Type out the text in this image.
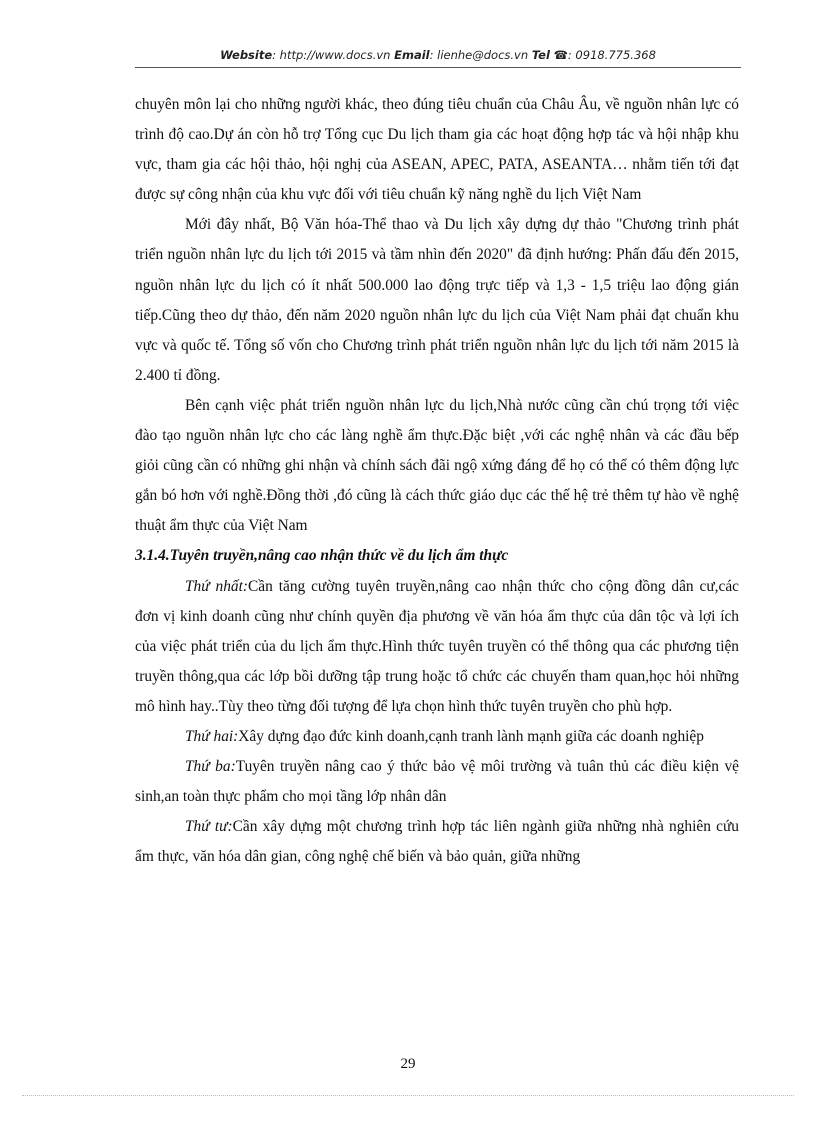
Website: http://www.docs.vn Email: lienhe@docs.vn Tel ☎: 0918.775.368

chuyên môn lại cho những người khác, theo đúng tiêu chuẩn của Châu Âu, về nguồn nhân lực có trình độ cao.Dự án còn hỗ trợ Tổng cục Du lịch tham gia các hoạt động hợp tác và hội nhập khu vực, tham gia các hội thảo, hội nghị của ASEAN, APEC, PATA, ASEANTA… nhằm tiến tới đạt được sự công nhận của khu vực đối với tiêu chuẩn kỹ năng nghề du lịch Việt Nam

Mới đây nhất, Bộ Văn hóa-Thể thao và Du lịch xây dựng dự thảo "Chương trình phát triển nguồn nhân lực du lịch tới 2015 và tầm nhìn đến 2020" đã định hướng: Phấn đấu đến 2015, nguồn nhân lực du lịch có ít nhất 500.000 lao động trực tiếp và 1,3 - 1,5 triệu lao động gián tiếp.Cũng theo dự thảo, đến năm 2020 nguồn nhân lực du lịch của Việt Nam phải đạt chuẩn khu vực và quốc tế. Tổng số vốn cho Chương trình phát triển nguồn nhân lực du lịch tới năm 2015 là 2.400 tỉ đồng.

Bên cạnh việc phát triển nguồn nhân lực du lịch,Nhà nước cũng cần chú trọng tới việc đào tạo nguồn nhân lực cho các làng nghề ẩm thực.Đặc biệt ,với các nghệ nhân và các đầu bếp giỏi cũng cần có những ghi nhận và chính sách đãi ngộ xứng đáng để họ có thể có thêm động lực gắn bó hơn với nghề.Đồng thời ,đó cũng là cách thức giáo dục các thế hệ trẻ thêm tự hào về nghệ thuật ẩm thực của Việt Nam

3.1.4.Tuyên truyền,nâng cao nhận thức về du lịch ẩm thực

Thứ nhất:Cần tăng cường tuyên truyền,nâng cao nhận thức cho cộng đồng dân cư,các đơn vị kinh doanh cũng như chính quyền địa phương về văn hóa ẩm thực của dân tộc và lợi ích của việc phát triển của du lịch ẩm thực.Hình thức tuyên truyền có thể thông qua các phương tiện truyền thông,qua các lớp bồi dưỡng tập trung hoặc tổ chức các chuyến tham quan,học hỏi những mô hình hay..Tùy theo từng đối tượng để lựa chọn hình thức tuyên truyền cho phù hợp.

Thứ hai:Xây dựng đạo đức kinh doanh,cạnh tranh lành mạnh giữa các doanh nghiệp

Thứ ba:Tuyên truyền nâng cao ý thức bảo vệ môi trường và tuân thủ các điều kiện vệ sinh,an toàn thực phẩm cho mọi tầng lớp nhân dân

Thứ tư:Cần xây dựng một chương trình hợp tác liên ngành giữa những nhà nghiên cứu ẩm thực, văn hóa dân gian, công nghệ chế biến và bảo quản, giữa những

29
